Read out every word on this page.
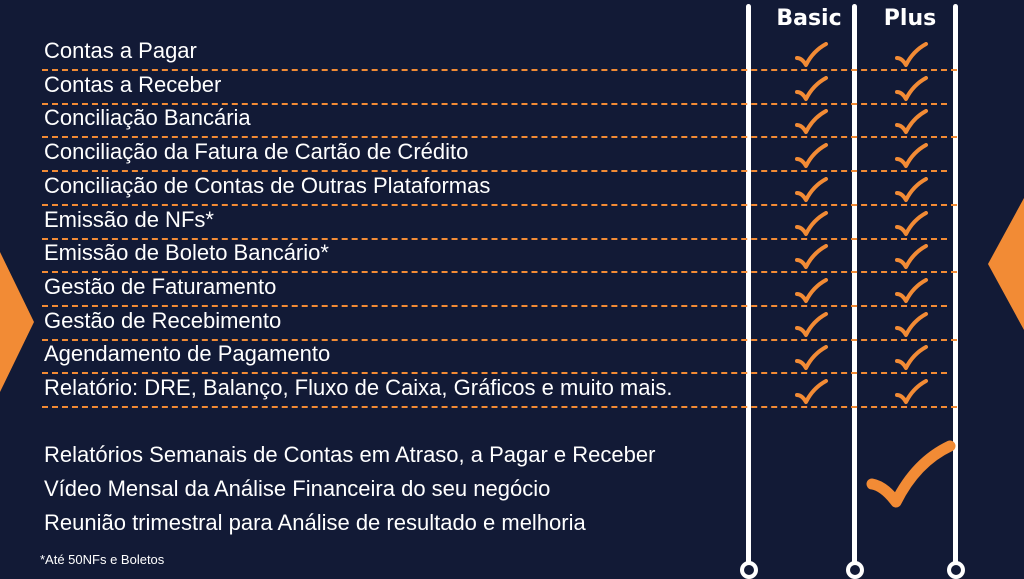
Basic	Plus
Contas a Pagar
Contas a Receber
Conciliação Bancária
Conciliação da Fatura de Cartão de Crédito
Conciliação de Contas de Outras Plataformas
Emissão de NFs*
Emissão de Boleto Bancário*
Gestão de Faturamento
Gestão de Recebimento
Agendamento de Pagamento
Relatório: DRE, Balanço, Fluxo de Caixa, Gráficos e muito mais.
Relatórios Semanais de Contas em Atraso, a Pagar e Receber
Vídeo Mensal da Análise Financeira do seu negócio
Reunião trimestral para Análise de resultado e melhoria
*Até 50NFs e Boletos
